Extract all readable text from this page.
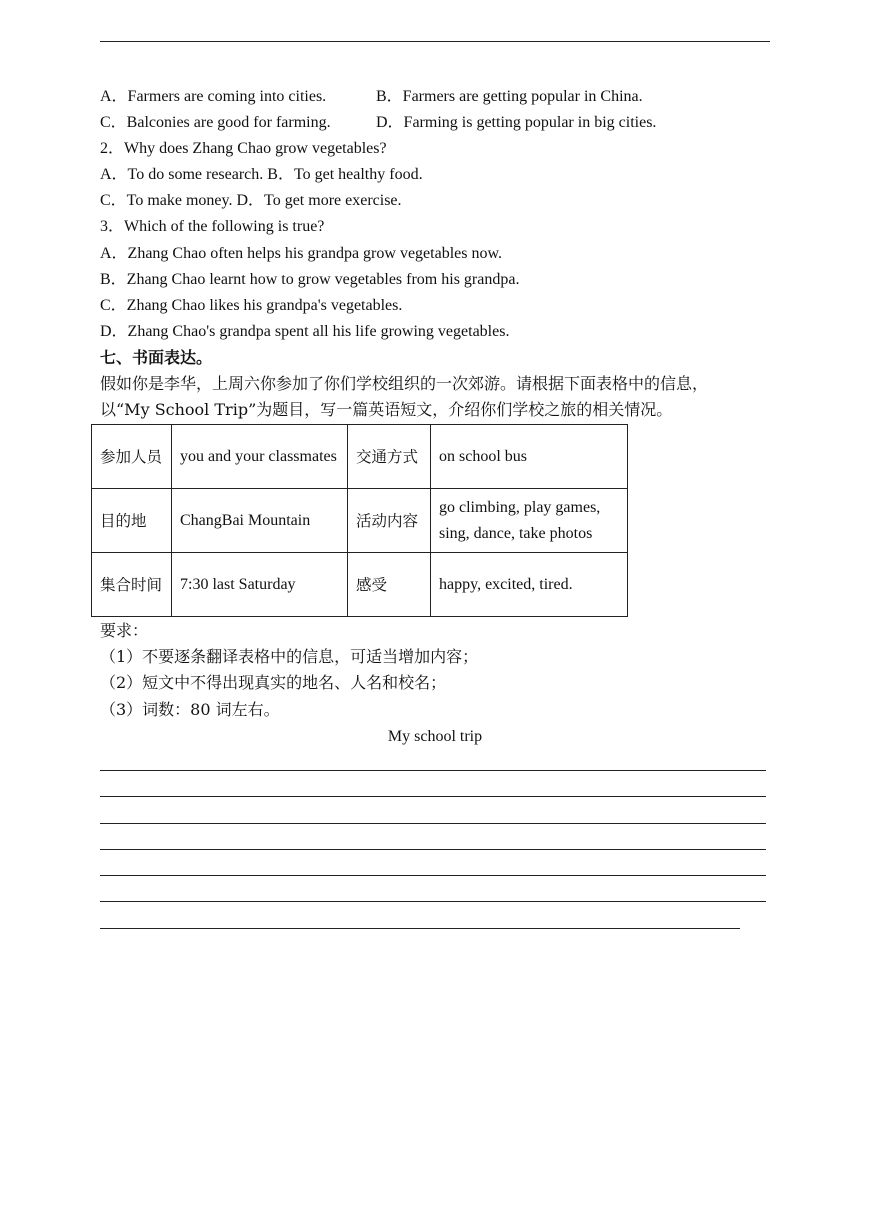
A．Farmers are coming into cities.	B．Farmers are getting popular in China.
C．Balconies are good for farming.	D．Farming is getting popular in big cities.
2．Why does Zhang Chao grow vegetables?
A．To do some research. B．To get healthy food.
C．To make money. D．To get more exercise.
3．Which of the following is true?
A．Zhang Chao often helps his grandpa grow vegetables now.
B．Zhang Chao learnt how to grow vegetables from his grandpa.
C．Zhang Chao likes his grandpa's vegetables.
D．Zhang Chao's grandpa spent all his life growing vegetables.
七、书面表达。
假如你是李华，上周六你参加了你们学校组织的一次郊游。请根据下面表格中的信息，
以“My School Trip”为题目，写一篇英语短文，介绍你们学校之旅的相关情况。
参加人员	you and your classmates	交通方式	on school bus
目的地	ChangBai Mountain	活动内容	go climbing, play games, sing, dance, take photos
集合时间	7:30 last Saturday	感受	happy, excited, tired.
要求：
（1）不要逐条翻译表格中的信息，可适当增加内容；
（2）短文中不得出现真实的地名、人名和校名；
（3）词数：80 词左右。
My school trip
